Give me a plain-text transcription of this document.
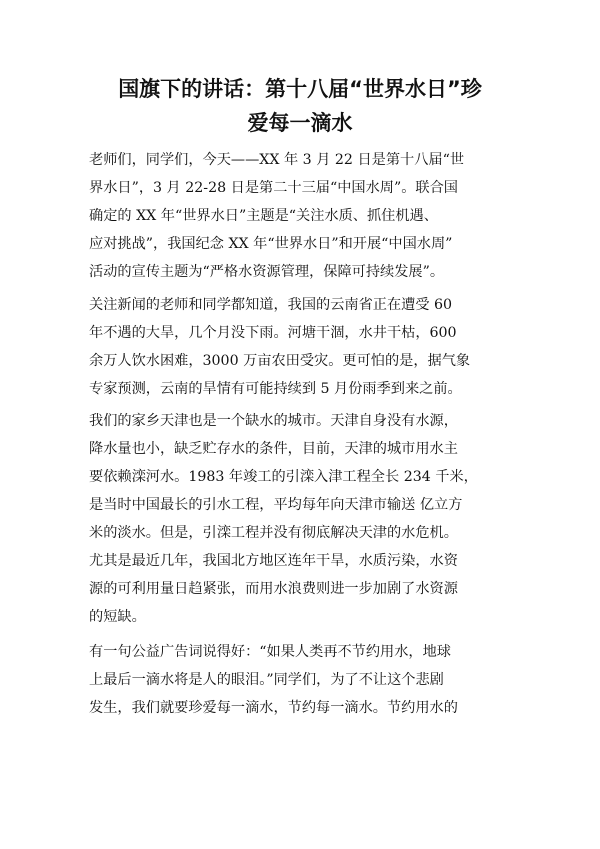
国旗下的讲话：第十八届“世界水日”珍
爱每一滴水

老师们，同学们，今天——XX 年 3 月 22 日是第十八届“世

界水日”，3 月 22-28 日是第二十三届“中国水周”。联合国

确定的 XX 年“世界水日”主题是“关注水质、抓住机遇、

应对挑战”，我国纪念 XX 年“世界水日”和开展“中国水周”

活动的宣传主题为“严格水资源管理，保障可持续发展”。

关注新闻的老师和同学都知道，我国的云南省正在遭受 60

年不遇的大旱，几个月没下雨。河塘干涸，水井干枯，600

余万人饮水困难，3000 万亩农田受灾。更可怕的是，据气象

专家预测，云南的旱情有可能持续到 5 月份雨季到来之前。

我们的家乡天津也是一个缺水的城市。天津自身没有水源，

降水量也小，缺乏贮存水的条件，目前，天津的城市用水主

要依赖滦河水。1983 年竣工的引滦入津工程全长 234 千米，

是当时中国最长的引水工程，平均每年向天津市输送 亿立方

米的淡水。但是，引滦工程并没有彻底解决天津的水危机。

尤其是最近几年，我国北方地区连年干旱，水质污染，水资

源的可利用量日趋紧张，而用水浪费则进一步加剧了水资源

的短缺。

有一句公益广告词说得好：“如果人类再不节约用水，地球

上最后一滴水将是人的眼泪。”同学们，为了不让这个悲剧

发生，我们就要珍爱每一滴水，节约每一滴水。节约用水的
